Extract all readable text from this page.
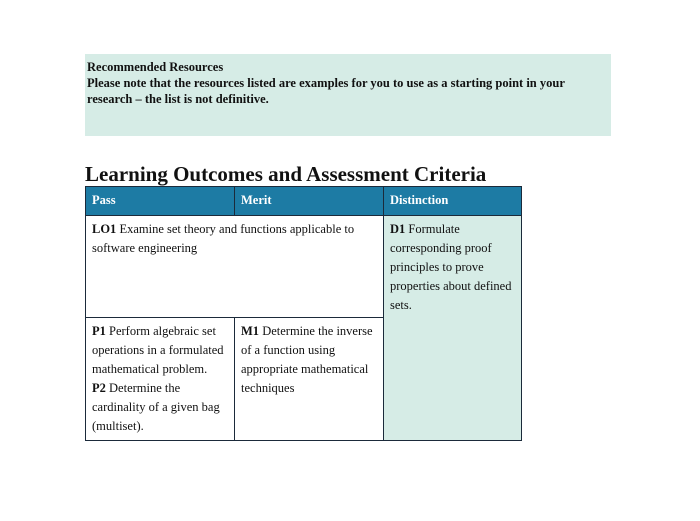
Recommended Resources
Please note that the resources listed are examples for you to use as a starting point in your
research – the list is not definitive.
Learning Outcomes and Assessment Criteria
Pass	Merit	Distinction
LO1 Examine set theory and functions applicable to software engineering		D1 Formulate corresponding proof principles to prove properties about defined sets.
P1 Perform algebraic set operations in a formulated mathematical problem.
P2 Determine the cardinality of a given bag (multiset).	M1 Determine the inverse of a function using appropriate mathematical techniques	
